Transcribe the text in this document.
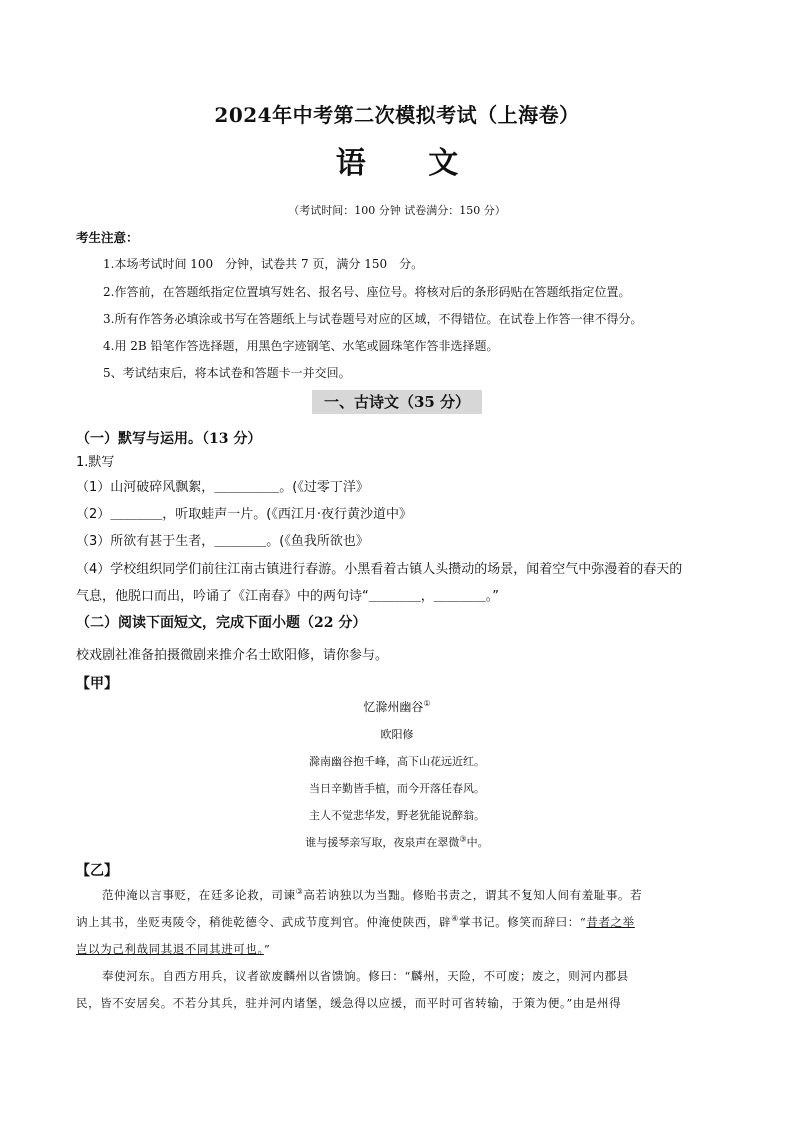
2024年中考第二次模拟考试（上海卷）
语 文
（考试时间：100 分钟 试卷满分：150 分）
考生注意：
1.本场考试时间 100　分钟，试卷共 7 页，满分 150　分。
2.作答前，在答题纸指定位置填写姓名、报名号、座位号。将核对后的条形码贴在答题纸指定位置。
3.所有作答务必填涂或书写在答题纸上与试卷题号对应的区域，不得错位。在试卷上作答一律不得分。
4.用 2B 铅笔作答选择题，用黑色字迹钢笔、水笔或圆珠笔作答非选择题。
5、考试结束后，将本试卷和答题卡一并交回。
一、古诗文（35 分）
（一）默写与运用。（13 分）
1.默写
（1）山河破碎风飘絮，＿＿＿＿＿。(《过零丁洋》
（2）＿＿＿＿，听取蛙声一片。(《西江月·夜行黄沙道中》
（3）所欲有甚于生者，＿＿＿＿。(《鱼我所欲也》
（4）学校组织同学们前往江南古镇进行春游。小黑看着古镇人头攒动的场景，闻着空气中弥漫着的春天的
气息，他脱口而出，吟诵了《江南春》中的两句诗“＿＿＿＿，＿＿＿＿。”
（二）阅读下面短文，完成下面小题（22 分）
校戏剧社准备拍摄微剧来推介名士欧阳修，请你参与。
【甲】
忆滁州幽谷①
欧阳修
滁南幽谷抱千峰，高下山花远近红。
当日辛勤皆手植，而今开落任春风。
主人不觉悲华发，野老犹能说醉翁。
谁与援琴亲写取，夜泉声在翠微③中。
【乙】
范仲淹以言事贬，在廷多论救，司谏③高若讷独以为当黜。修贻书责之，谓其不复知人间有羞耻事。若
讷上其书，坐贬夷陵令，稍徙乾德令、武成节度判官。仲淹使陕西，辟④掌书记。修笑而辞曰：“昔者之举
岂以为己利哉同其退不同其进可也。”
奉使河东。自西方用兵，议者欲废麟州以省馈饷。修曰：“麟州，天险，不可废；废之，则河内郡县
民，皆不安居矣。不若分其兵，驻并河内诸堡，缓急得以应援，而平时可省转输，于策为便。”由是州得
